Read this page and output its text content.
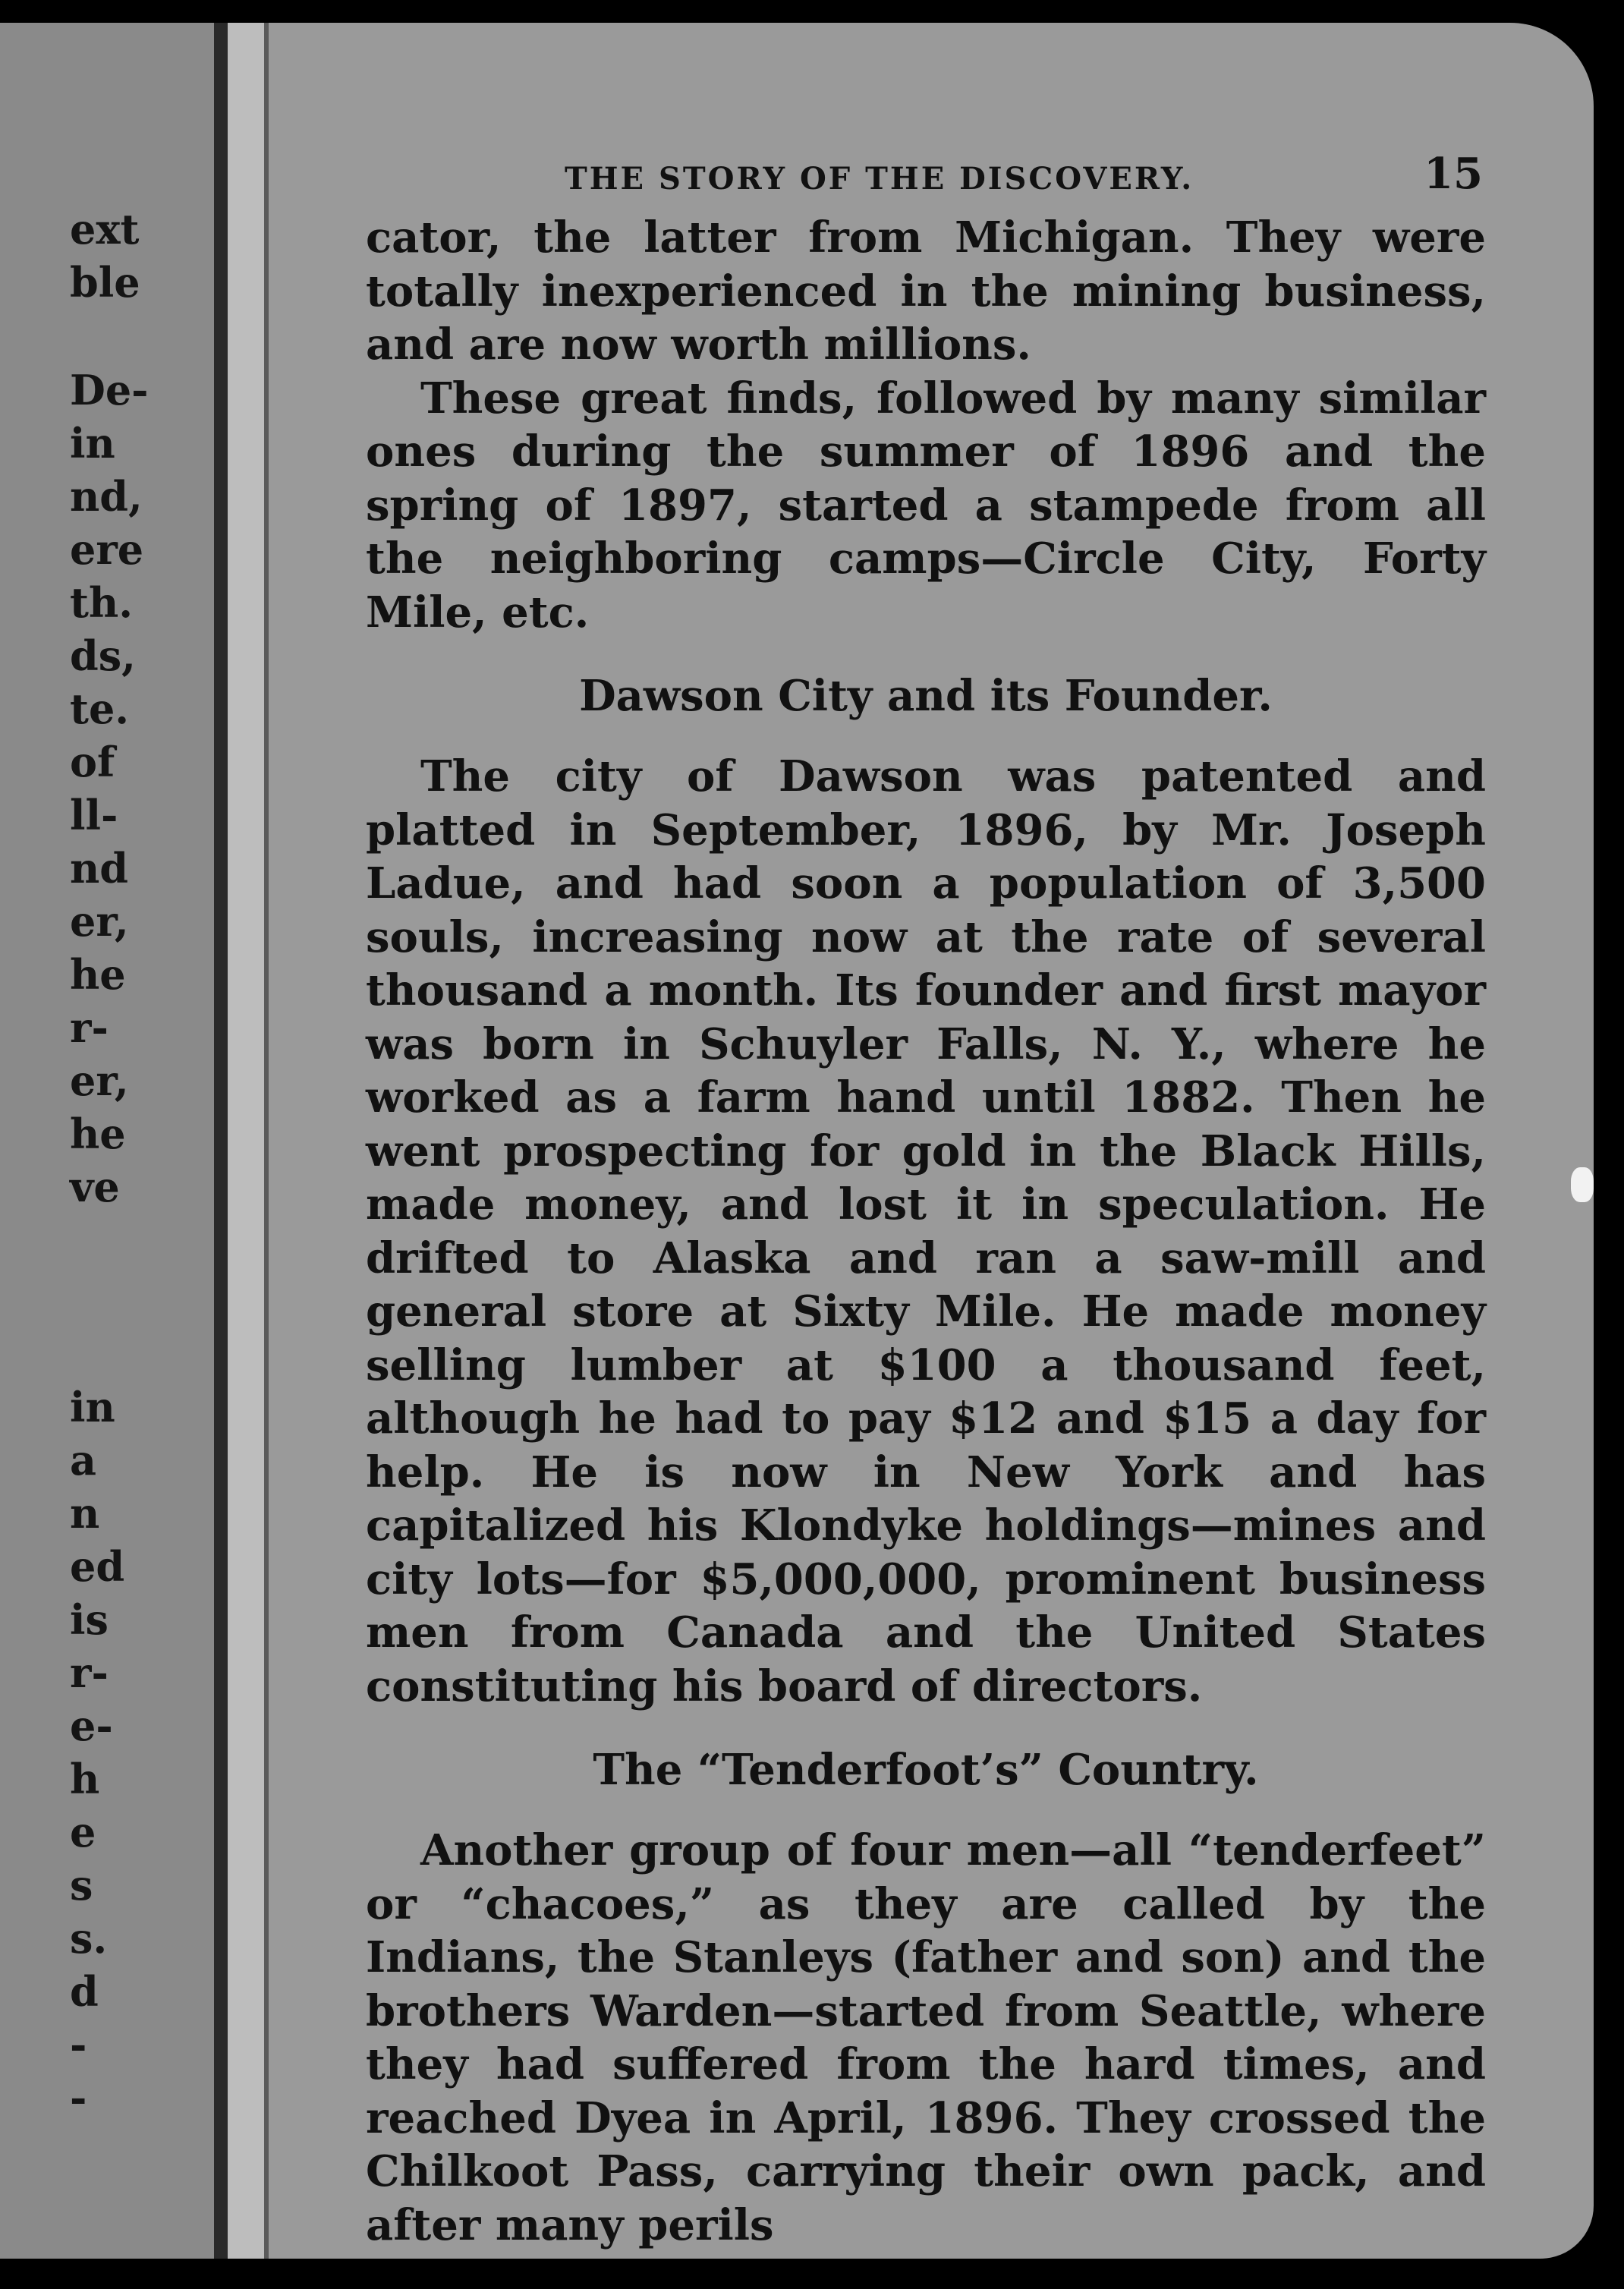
ext
ble
De-
in
nd,
ere
th.
ds,
te.
of
ll-
nd
er,
he
r-
er,
he
ve
in
a
n
ed
is
r-
e-
h
e
s
s.
d
-
-
THE STORY OF THE DISCOVERY.	15

cator, the latter from Michigan. They were totally inexperienced in the mining business, and are now worth millions.

These great finds, followed by many similar ones during the summer of 1896 and the spring of 1897, started a stampede from all the neighboring camps—Circle City, Forty Mile, etc.

Dawson City and its Founder.

The city of Dawson was patented and platted in September, 1896, by Mr. Joseph Ladue, and had soon a population of 3,500 souls, increasing now at the rate of several thousand a month. Its founder and first mayor was born in Schuyler Falls, N. Y., where he worked as a farm hand until 1882. Then he went prospecting for gold in the Black Hills, made money, and lost it in speculation. He drifted to Alaska and ran a saw-mill and general store at Sixty Mile. He made money selling lumber at $100 a thousand feet, although he had to pay $12 and $15 a day for help. He is now in New York and has capitalized his Klondyke holdings—mines and city lots—for $5,000,000, prominent business men from Canada and the United States constituting his board of directors.

The “Tenderfoot’s” Country.

Another group of four men—all “tenderfeet” or “chacoes,” as they are called by the Indians, the Stanleys (father and son) and the brothers Warden—started from Seattle, where they had suffered from the hard times, and reached Dyea in April, 1896. They crossed the Chilkoot Pass, carrying their own pack, and after many perils
